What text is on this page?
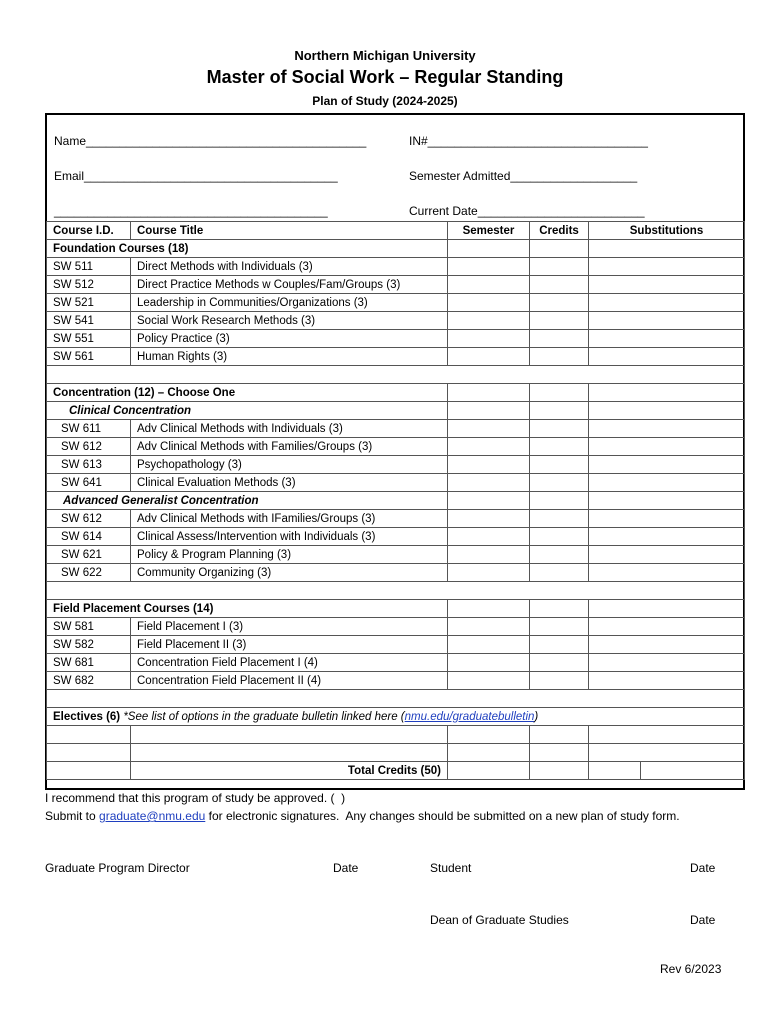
Northern Michigan University
Master of Social Work – Regular Standing
Plan of Study (2024-2025)
Name__________________________________________	IN#_________________________________
Email______________________________________	Semester Admitted___________________
_________________________________________	Current Date_________________________
Course I.D.	Course Title	Semester	Credits	Substitutions	
Foundation Courses (18)					
SW 511	Direct Methods with Individuals (3)				
SW 512	Direct Practice Methods w Couples/Fam/Groups (3)				
SW 521	Leadership in Communities/Organizations (3)				
SW 541	Social Work Research Methods (3)				
SW 551	Policy Practice (3)				
SW 561	Human Rights (3)				

Concentration (12) – Choose One					
Clinical Concentration					
SW 611	Adv Clinical Methods with Individuals (3)				
SW 612	Adv Clinical Methods with Families/Groups (3)				
SW 613	Psychopathology (3)				
SW 641	Clinical Evaluation Methods (3)				
Advanced Generalist Concentration					
SW 612	Adv Clinical Methods with IFamilies/Groups (3)				
SW 614	Clinical Assess/Intervention with Individuals (3)				
SW 621	Policy & Program Planning (3)				
SW 622	Community Organizing (3)				

Field Placement Courses (14)					
SW 581	Field Placement I (3)				
SW 582	Field Placement II (3)				
SW 681	Concentration Field Placement I (4)				
SW 682	Concentration Field Placement II (4)				

Electives (6) *See list of options in the graduate bulletin linked here (nmu.edu/graduatebulletin)					

	Total Credits (50)				
I recommend that this program of study be approved. (  )
Submit to graduate@nmu.edu for electronic signatures.  Any changes should be submitted on a new plan of study form.
Graduate Program Director	Date	Student	Date
Dean of Graduate Studies	Date
Rev 6/2023
